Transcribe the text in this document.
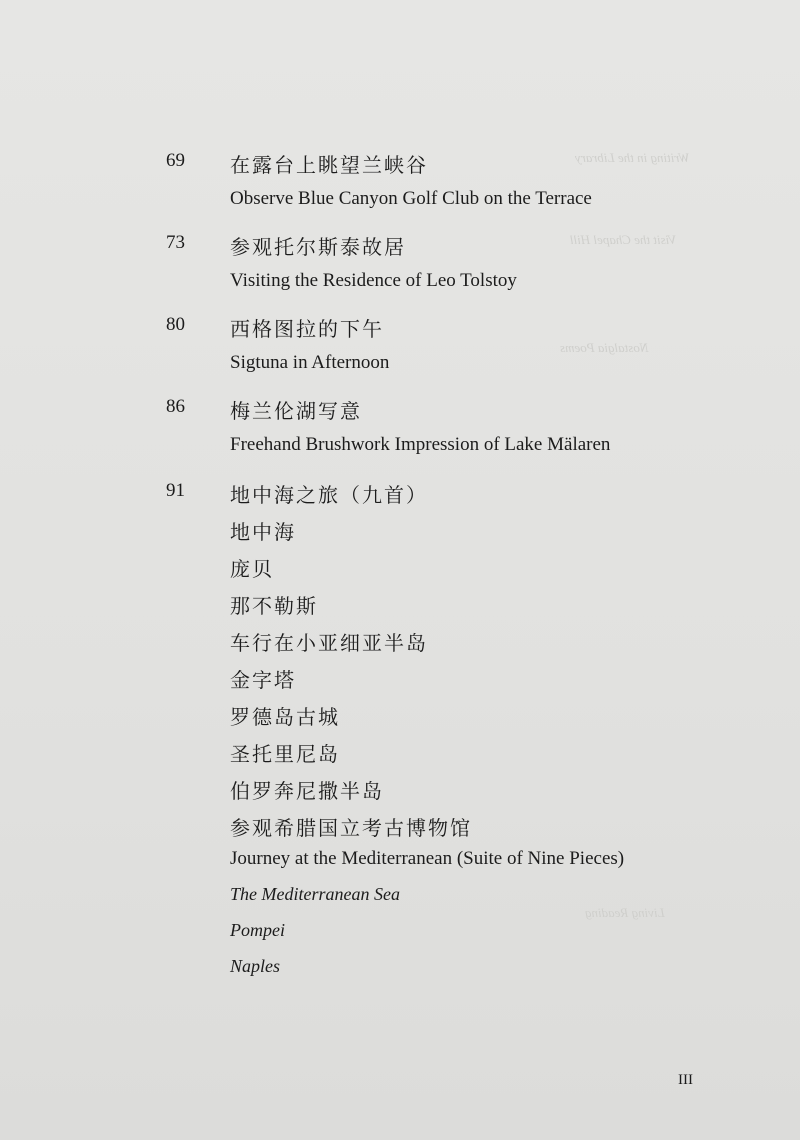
Writing in the Library
Visit the Chapel Hill
Nostalgia Poems
Living Reading
69 在露台上眺望兰峡谷
Observe Blue Canyon Golf Club on the Terrace
73 参观托尔斯泰故居
Visiting the Residence of Leo Tolstoy
80 西格图拉的下午
Sigtuna in Afternoon
86 梅兰伦湖写意
Freehand Brushwork Impression of Lake Mälaren
91 地中海之旅（九首）
地中海
庞贝
那不勒斯
车行在小亚细亚半岛
金字塔
罗德岛古城
圣托里尼岛
伯罗奔尼撒半岛
参观希腊国立考古博物馆
Journey at the Mediterranean (Suite of Nine Pieces)
The Mediterranean Sea
Pompei
Naples
III
